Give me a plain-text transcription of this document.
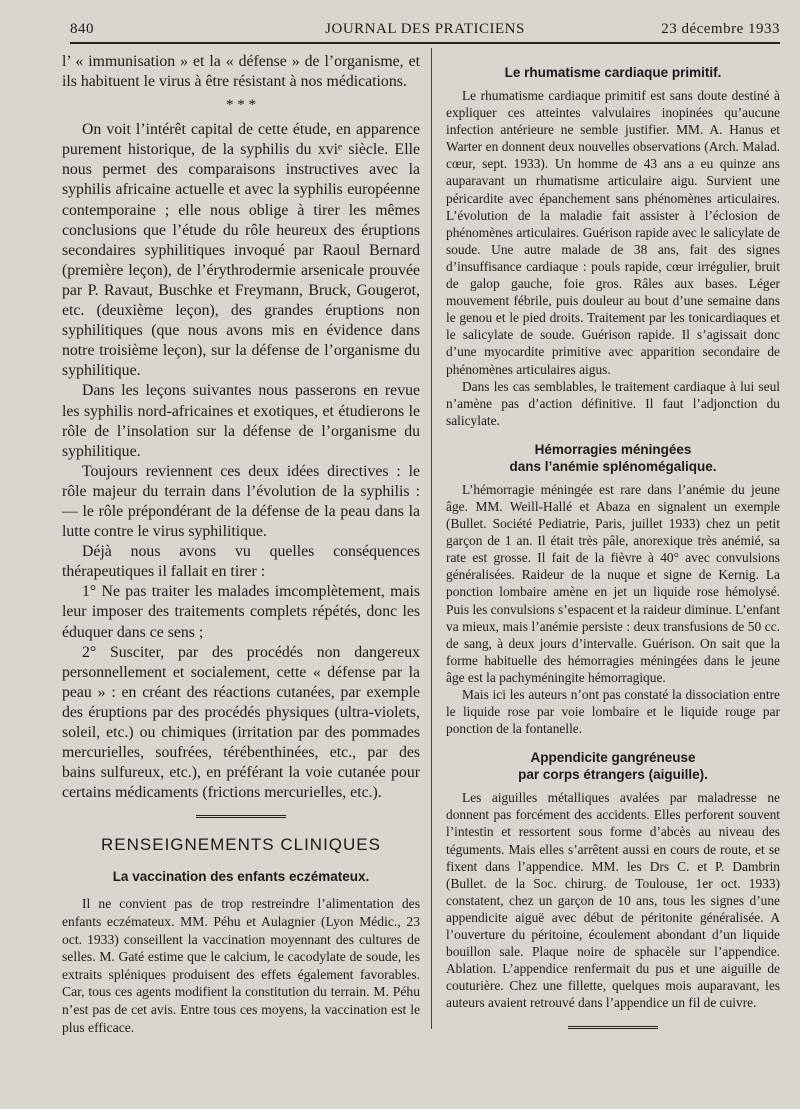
840	JOURNAL DES PRATICIENS	23 décembre 1933

l’ « immunisation » et la « défense » de l’organisme, et ils habituent le virus à être résistant à nos médications.

* * *

On voit l’intérêt capital de cette étude, en apparence purement historique, de la syphilis du xviᵉ siècle. Elle nous permet des comparaisons instructives avec la syphilis africaine actuelle et avec la syphilis européenne contemporaine ; elle nous oblige à tirer les mêmes conclusions que l’étude du rôle heureux des éruptions secondaires syphilitiques invoqué par Raoul Bernard (première leçon), de l’érythrodermie arsenicale prouvée par P. Ravaut, Buschke et Freymann, Bruck, Gougerot, etc. (deuxième leçon), des grandes éruptions non syphilitiques (que nous avons mis en évidence dans notre troisième leçon), sur la défense de l’organisme du syphilitique.

Dans les leçons suivantes nous passerons en revue les syphilis nord-africaines et exotiques, et étudierons le rôle de l’insolation sur la défense de l’organisme du syphilitique.

Toujours reviennent ces deux idées directives : le rôle majeur du terrain dans l’évolution de la syphilis : — le rôle prépondérant de la défense de la peau dans la lutte contre le virus syphilitique.

Déjà nous avons vu quelles conséquences thérapeutiques il fallait en tirer :

1° Ne pas traiter les malades imcomplètement, mais leur imposer des traitements complets répétés, donc les éduquer dans ce sens ;

2° Susciter, par des procédés non dangereux personnellement et socialement, cette « défense par la peau » : en créant des réactions cutanées, par exemple des éruptions par des procédés physiques (ultra-violets, soleil, etc.) ou chimiques (irritation par des pommades mercurielles, soufrées, térébenthinées, etc., par des bains sulfureux, etc.), en préférant la voie cutanée pour certains médicaments (frictions mercurielles, etc.).

RENSEIGNEMENTS CLINIQUES
La vaccination des enfants eczémateux.

Il ne convient pas de trop restreindre l’alimentation des enfants eczémateux. MM. Péhu et Aulagnier (Lyon Médic., 23 oct. 1933) conseillent la vaccination moyennant des cultures de selles. M. Gaté estime que le calcium, le cacodylate de soude, les extraits spléniques produisent des effets également favorables. Car, tous ces agents modifient la constitution du terrain. M. Péhu n’est pas de cet avis. Entre tous ces moyens, la vaccination est le plus efficace.

Le rhumatisme cardiaque primitif.

Le rhumatisme cardiaque primitif est sans doute destiné à expliquer ces atteintes valvulaires inopinées qu’aucune infection antérieure ne semble justifier. MM. A. Hanus et Warter en donnent deux nouvelles observations (Arch. Malad. cœur, sept. 1933). Un homme de 43 ans a eu quinze ans auparavant un rhumatisme articulaire aigu. Survient une péricardite avec épanchement sans phénomènes articulaires. L’évolution de la maladie fait assister à l’éclosion de phénomènes articulaires. Guérison rapide avec le salicylate de soude. Une autre malade de 38 ans, fait des signes d’insuffisance cardiaque : pouls rapide, cœur irrégulier, bruit de galop gauche, foie gros. Râles aux bases. Léger mouvement fébrile, puis douleur au bout d’une semaine dans le genou et le pied droits. Traitement par les tonicardiaques et le salicylate de soude. Guérison rapide. Il s’agissait donc d’une myocardite primitive avec apparition secondaire de phénomènes articulaires aigus.

Dans les cas semblables, le traitement cardiaque à lui seul n’amène pas d’action définitive. Il faut l’adjonction du salicylate.

Hémorragies méningées
dans l’anémie splénomégalique.

L’hémorragie méningée est rare dans l’anémie du jeune âge. MM. Weill-Hallé et Abaza en signalent un exemple (Bullet. Société Pediatrie, Paris, juillet 1933) chez un petit garçon de 1 an. Il était très pâle, anorexique très anémié, sa rate est grosse. Il fait de la fièvre à 40° avec convulsions généralisées. Raideur de la nuque et signe de Kernig. La ponction lombaire amène en jet un liquide rose hémolysé. Puis les convulsions s’espacent et la raideur diminue. L’enfant va mieux, mais l’anémie persiste : deux transfusions de 50 cc. de sang, à deux jours d’intervalle. Guérison. On sait que la forme habituelle des hémorragies méningées dans le jeune âge est la pachyméningite hémorragique.

Mais ici les auteurs n’ont pas constaté la dissociation entre le liquide rose par voie lombaire et le liquide rouge par ponction de la fontanelle.

Appendicite gangréneuse
par corps étrangers (aiguille).

Les aiguilles métalliques avalées par maladresse ne donnent pas forcément des accidents. Elles perforent souvent l’intestin et ressortent sous forme d’abcès au niveau des téguments. Mais elles s’arrêtent aussi en cours de route, et se fixent dans l’appendice. MM. les Drs C. et P. Dambrin (Bullet. de la Soc. chirurg. de Toulouse, 1er oct. 1933) constatent, chez un garçon de 10 ans, tous les signes d’une appendicite aiguë avec début de péritonite généralisée. A l’ouverture du péritoine, écoulement abondant d’un liquide bouillon sale. Plaque noire de sphacèle sur l’appendice. Ablation. L’appendice renfermait du pus et une aiguille de couturière. Chez une fillette, quelques mois auparavant, les auteurs avaient retrouvé dans l’appendice un fil de cuivre.
